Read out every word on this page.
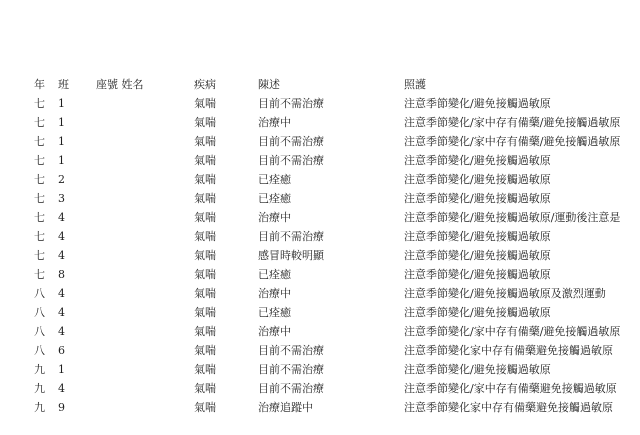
年 班 座號 姓名	疾病	陳述	照護
七 1	氣喘	目前不需治療	注意季節變化/避免接觸過敏原
七 1	氣喘	治療中	注意季節變化/家中存有備藥/避免接觸過敏原
七 1	氣喘	目前不需治療	注意季節變化/家中存有備藥/避免接觸過敏原
七 1	氣喘	目前不需治療	注意季節變化/避免接觸過敏原
七 2	氣喘	已痊癒	注意季節變化/避免接觸過敏原
七 3	氣喘	已痊癒	注意季節變化/避免接觸過敏原
七 4	氣喘	治療中	注意季節變化/避免接觸過敏原/運動後注意是
七 4	氣喘	目前不需治療	注意季節變化/避免接觸過敏原
七 4	氣喘	感冒時較明顯	注意季節變化/避免接觸過敏原
七 8	氣喘	已痊癒	注意季節變化/避免接觸過敏原
八 4	氣喘	治療中	注意季節變化/避免接觸過敏原及激烈運動
八 4	氣喘	已痊癒	注意季節變化/避免接觸過敏原
八 4	氣喘	治療中	注意季節變化/家中存有備藥/避免接觸過敏原
八 6	氣喘	目前不需治療	注意季節變化家中存有備藥避免接觸過敏原
九 1	氣喘	目前不需治療	注意季節變化/避免接觸過敏原
九 4	氣喘	目前不需治療	注意季節變化/家中存有備藥避免接觸過敏原
九 9	氣喘	治療追蹤中	注意季節變化家中存有備藥避免接觸過敏原
